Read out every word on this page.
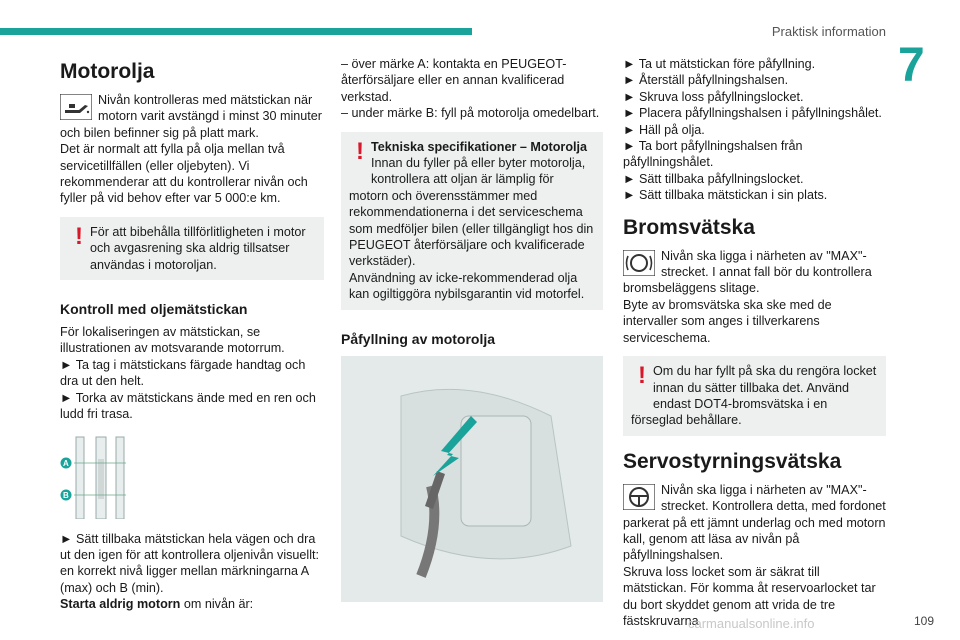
Praktisk information
7
Motorolja

Nivån kontrolleras med mätstickan när motorn varit avstängd i minst 30 minuter och bilen befinner sig på platt mark.

Det är normalt att fylla på olja mellan två servicetillfällen (eller oljebyten). Vi rekommenderar att du kontrollerar nivån och fyller på vid behov efter var 5 000:e km.

! För att bibehålla tillförlitligheten i motor och avgasrening ska aldrig tillsatser användas i motoroljan.

Kontroll med oljemätstickan

För lokaliseringen av mätstickan, se illustrationen av motsvarande motorrum.

► Ta tag i mätstickans färgade handtag och dra ut den helt.

► Torka av mätstickans ände med en ren och ludd fri trasa.

A
B

► Sätt tillbaka mätstickan hela vägen och dra ut den igen för att kontrollera oljenivån visuellt: en korrekt nivå ligger mellan märkningarna A (max) och B (min).

Starta aldrig motorn om nivån är:

– över märke A: kontakta en PEUGEOT-återförsäljare eller en annan kvalificerad verkstad.

– under märke B: fyll på motorolja omedelbart.

! Tekniska specifikationer – Motorolja

Innan du fyller på eller byter motorolja, kontrollera att oljan är lämplig för motorn och överensstämmer med rekommendationerna i det serviceschema som medföljer bilen (eller tillgängligt hos din PEUGEOT återförsäljare och kvalificerade verkstäder).

Användning av icke-rekommenderad olja kan ogiltiggöra nybilsgarantin vid motorfel.

Påfyllning av motorolja

► Ta ut mätstickan före påfyllning.

► Återställ påfyllningshalsen.

► Skruva loss påfyllningslocket.

► Placera påfyllningshalsen i påfyllningshålet.

► Häll på olja.

► Ta bort påfyllningshalsen från påfyllningshålet.

► Sätt tillbaka påfyllningslocket.

► Sätt tillbaka mätstickan i sin plats.

Bromsvätska

Nivån ska ligga i närheten av "MAX"-strecket. I annat fall bör du kontrollera bromsbeläggens slitage.

Byte av bromsvätska ska ske med de intervaller som anges i tillverkarens serviceschema.

! Om du har fyllt på ska du rengöra locket innan du sätter tillbaka det. Använd endast DOT4-bromsvätska i en förseglad behållare.

Servostyrningsvätska

Nivån ska ligga i närheten av "MAX"-strecket. Kontrollera detta, med fordonet parkerat på ett jämnt underlag och med motorn kall, genom att läsa av nivån på påfyllningshalsen.

Skruva loss locket som är säkrat till mätstickan. För komma åt reservoarlocket tar du bort skyddet genom att vrida de tre fästskruvarna

carmanualsonline.info	109
